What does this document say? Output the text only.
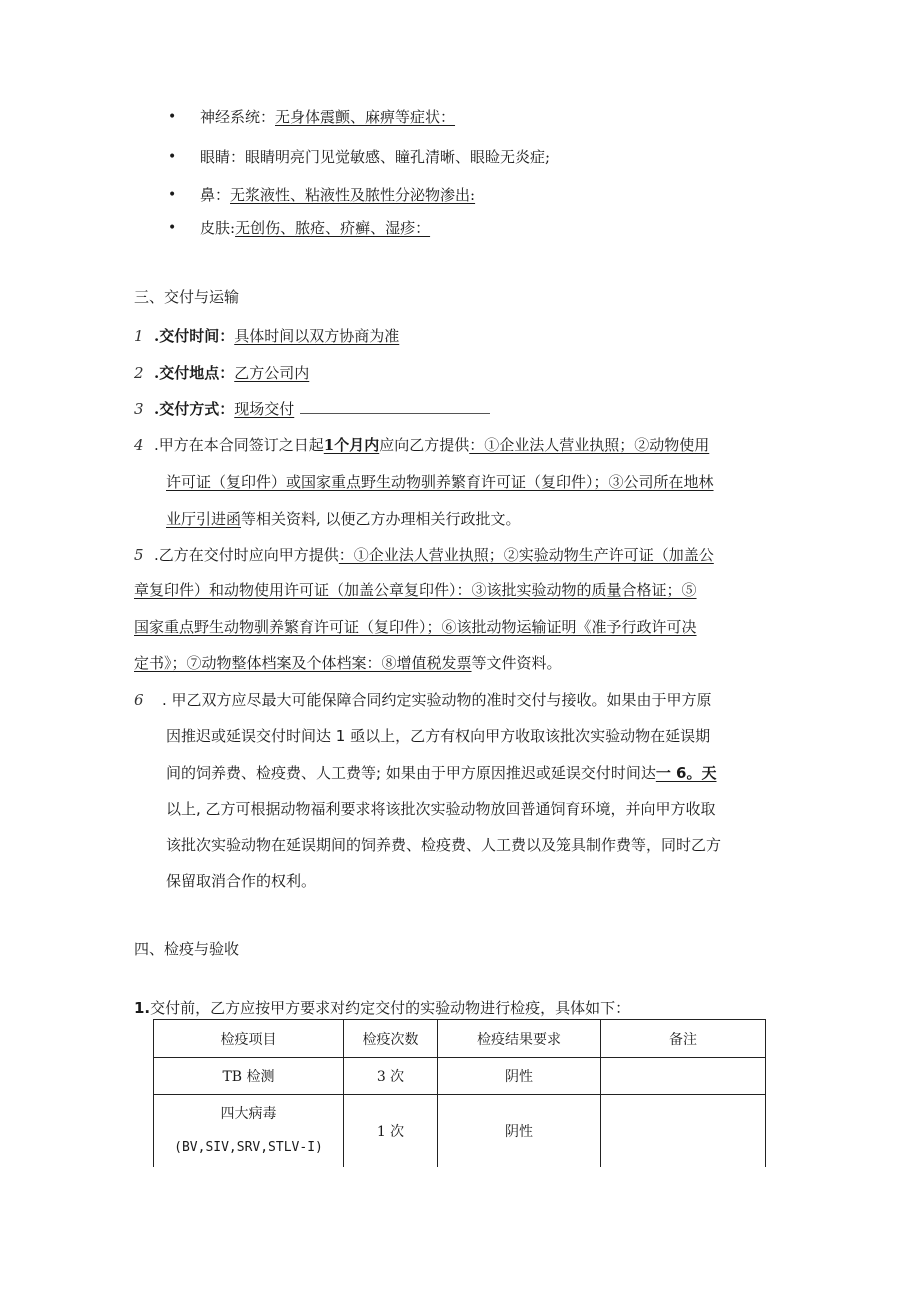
• 神经系统：无身体震颤、麻痹等症状：
• 眼睛：眼睛明亮门见觉敏感、瞳孔清晰、眼睑无炎症;
• 鼻：无浆液性、粘液性及脓性分泌物渗出:
• 皮肤:无创伤、脓疮、疥癣、湿疹：
三、交付与运输
1 .交付时间：具体时间以双方协商为准
2 .交付地点：乙方公司内
3 .交付方式：现场交付
4 .甲方在本合同签订之日起1个月内应向乙方提供：①企业法人营业执照；②动物使用
许可证（复印件）或国家重点野生动物驯养繁育许可证（复印件）；③公司所在地林
业厅引进函等相关资料, 以便乙方办理相关行政批文。
5 .乙方在交付时应向甲方提供：①企业法人营业执照；②实验动物生产许可证（加盖公
章复印件）和动物使用许可证（加盖公章复印件）：③该批实验动物的质量合格证；⑤
国家重点野生动物驯养繁育许可证（复印件）；⑥该批动物运输证明《准予行政许可决
定书》；⑦动物整体档案及个体档案：⑧增值税发票等文件资料。
6 . 甲乙双方应尽最大可能保障合同约定实验动物的准时交付与接收。如果由于甲方原
因推迟或延误交付时间达 1 亟以上，乙方有权向甲方收取该批次实验动物在延误期
间的饲养费、检疫费、人工费等; 如果由于甲方原因推迟或延误交付时间达一 6。天
以上, 乙方可根据动物福利要求将该批次实验动物放回普通饲育环境，并向甲方收取
该批次实验动物在延误期间的饲养费、检疫费、人工费以及笼具制作费等，同时乙方
保留取消合作的权利。
四、检疫与验收
1.交付前，乙方应按甲方要求对约定交付的实验动物进行检疫，具体如下：
检疫项目	检疫次数	检疫结果要求	备注
TB 检测	3 次	阴性	

四大病毒
(BV,SIV,SRV,STLV-I)	1 次	阴性	
